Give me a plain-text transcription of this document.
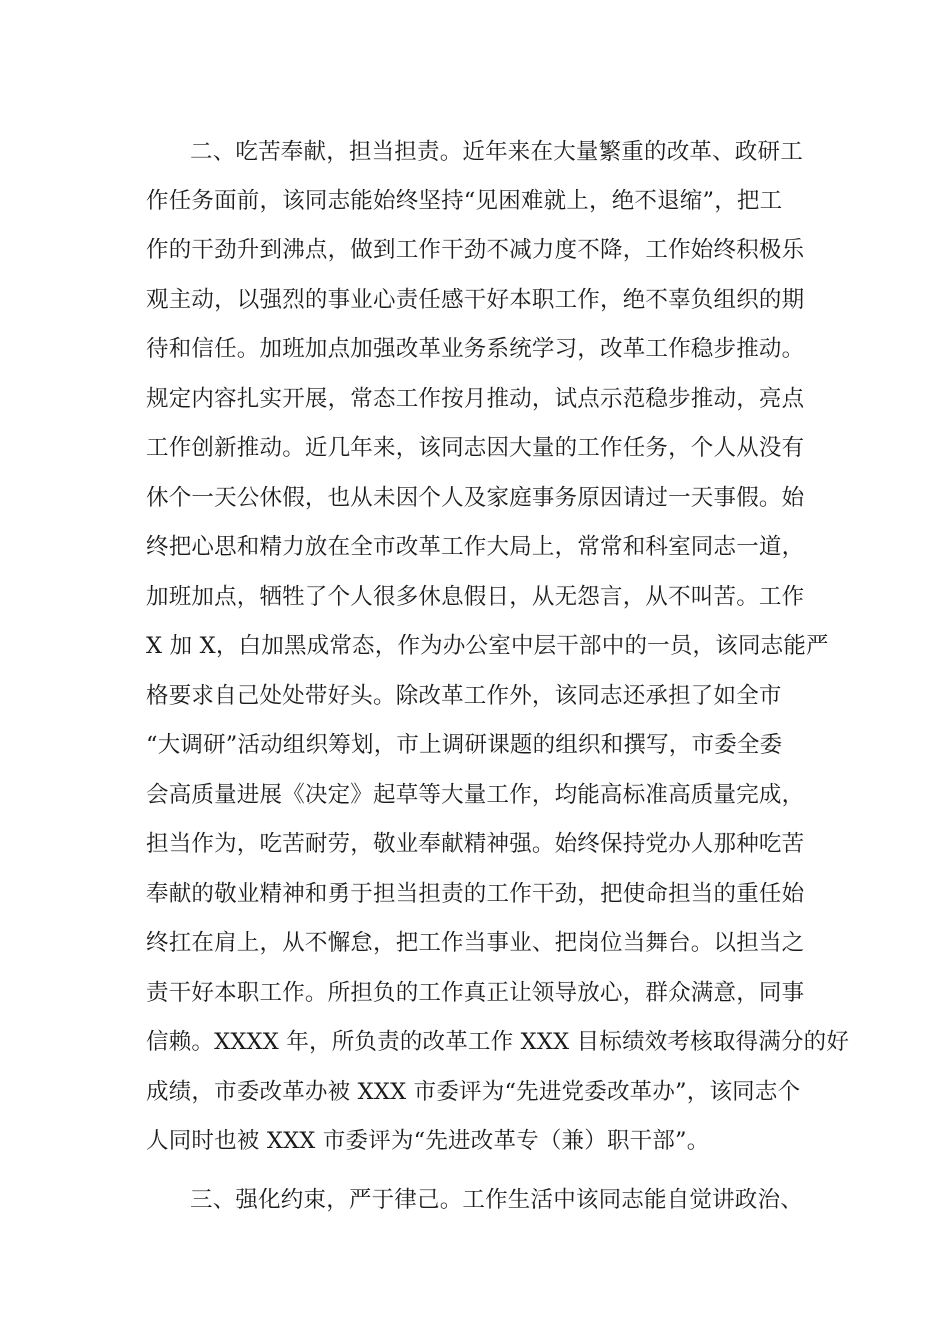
二、吃苦奉献，担当担责。近年来在大量繁重的改革、政研工
作任务面前，该同志能始终坚持“见困难就上，绝不退缩”，把工
作的干劲升到沸点，做到工作干劲不减力度不降，工作始终积极乐
观主动，以强烈的事业心责任感干好本职工作，绝不辜负组织的期
待和信任。加班加点加强改革业务系统学习，改革工作稳步推动。
规定内容扎实开展，常态工作按月推动，试点示范稳步推动，亮点
工作创新推动。近几年来，该同志因大量的工作任务，个人从没有
休个一天公休假，也从未因个人及家庭事务原因请过一天事假。始
终把心思和精力放在全市改革工作大局上，常常和科室同志一道，
加班加点，牺牲了个人很多休息假日，从无怨言，从不叫苦。工作
X 加 X，白加黑成常态，作为办公室中层干部中的一员，该同志能严
格要求自己处处带好头。除改革工作外，该同志还承担了如全市
“大调研”活动组织筹划，市上调研课题的组织和撰写，市委全委
会高质量进展《决定》起草等大量工作，均能高标准高质量完成，
担当作为，吃苦耐劳，敬业奉献精神强。始终保持党办人那种吃苦
奉献的敬业精神和勇于担当担责的工作干劲，把使命担当的重任始
终扛在肩上，从不懈怠，把工作当事业、把岗位当舞台。以担当之
责干好本职工作。所担负的工作真正让领导放心，群众满意，同事
信赖。XXXX 年，所负责的改革工作 XXX 目标绩效考核取得满分的好
成绩，市委改革办被 XXX 市委评为“先进党委改革办”，该同志个
人同时也被 XXX 市委评为“先进改革专（兼）职干部”。
三、强化约束，严于律己。工作生活中该同志能自觉讲政治、
